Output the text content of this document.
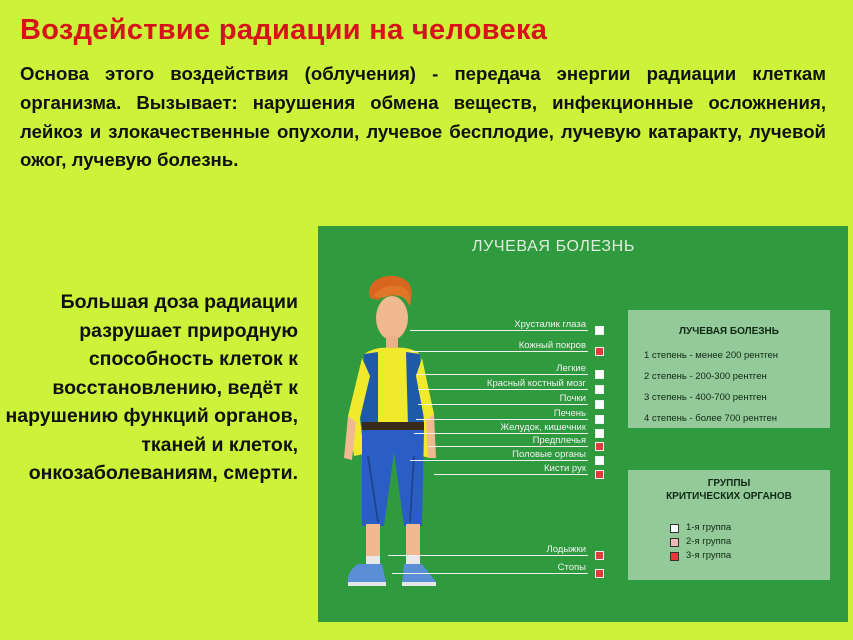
Воздействие радиации на человека
Основа этого воздействия (облучения) - передача энергии радиации клеткам организма. Вызывает: нарушения обмена веществ, инфекционные осложнения, лейкоз и злокачественные опухоли, лучевое бесплодие, лучевую катаракту, лучевой ожог, лучевую болезнь.
Большая доза радиации разрушает природную способность клеток к восстановлению, ведёт к нарушению функций органов, тканей и клеток, онкозаболеваниям, смерти.
ЛУЧЕВАЯ БОЛЕЗНЬ
Хрусталик глаза
Кожный покров
Легкие
Красный костный мозг
Почки
Печень
Желудок, кишечник
Предплечья
Половые органы
Кисти рук
Лодыжки
Стопы
ЛУЧЕВАЯ БОЛЕЗНЬ
1 степень - менее 200 рентген
2 степень - 200-300 рентген
3 степень - 400-700 рентген
4 степень - более 700 рентген
ГРУППЫ
КРИТИЧЕСКИХ ОРГАНОВ
1-я группа
2-я группа
3-я группа
